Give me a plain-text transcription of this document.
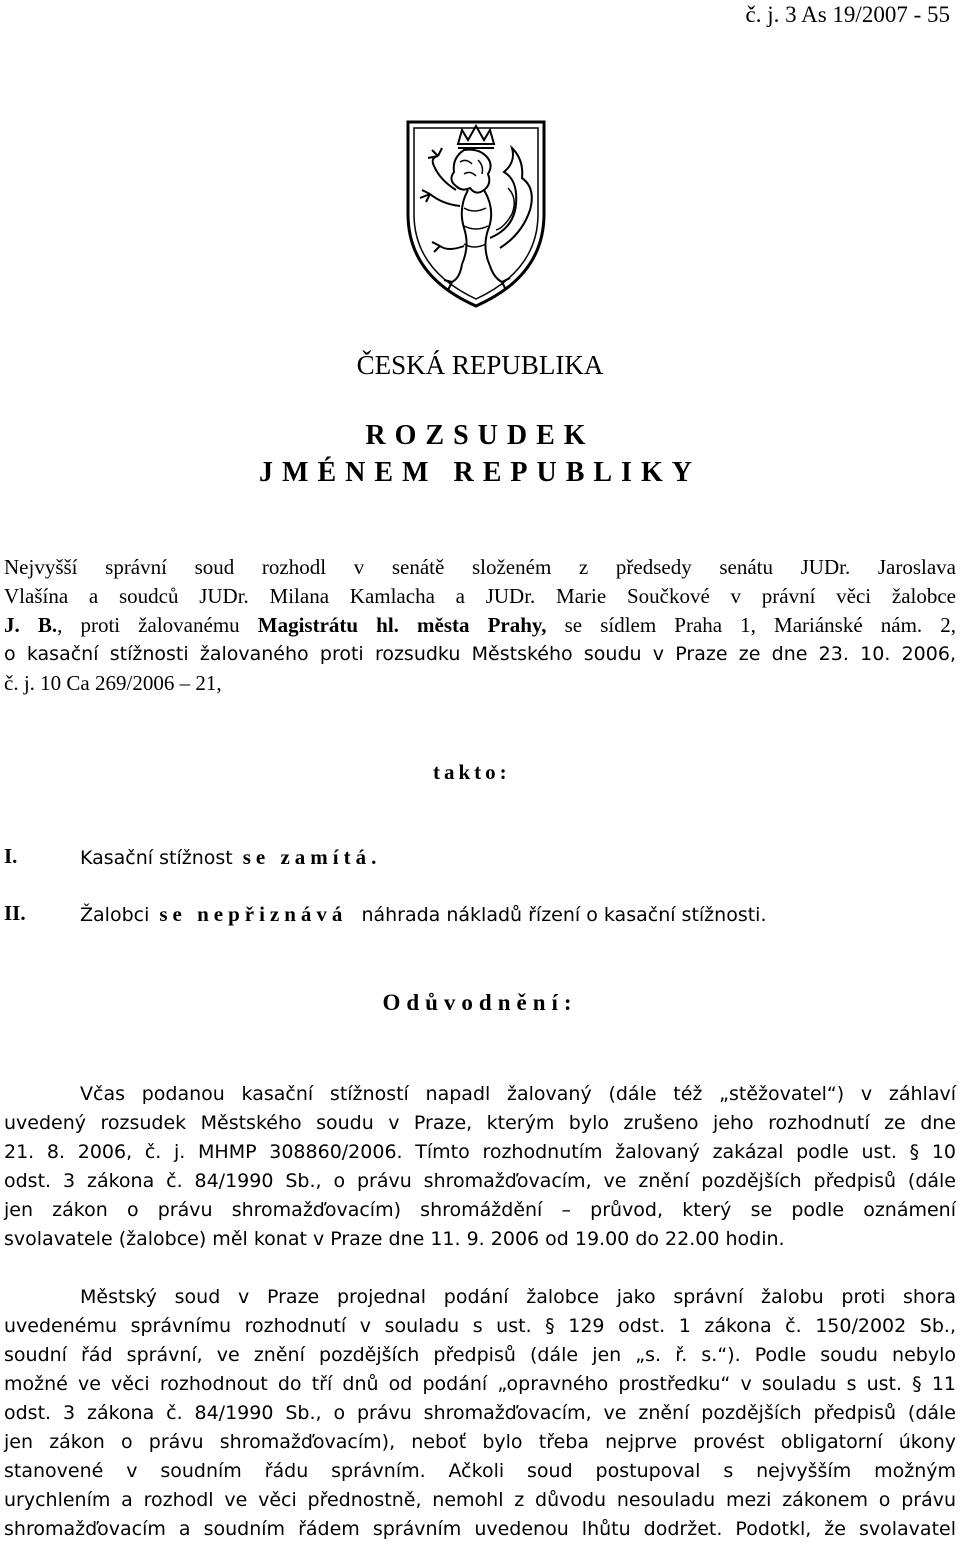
č. j. 3 As 19/2007 - 55
ČESKÁ REPUBLIKA
ROZSUDEK
JMÉNEM REPUBLIKY
Nejvyšší správní soud rozhodl v senátě složeném z předsedy senátu JUDr. Jaroslava
Vlašína a soudců JUDr. Milana Kamlacha a JUDr. Marie Součkové v právní věci žalobce
J. B., proti žalovanému Magistrátu hl. města Prahy, se sídlem Praha 1, Mariánské nám. 2,
o kasační stížnosti žalovaného proti rozsudku Městského soudu v Praze ze dne 23. 10. 2006,
č. j. 10 Ca 269/2006 – 21,
takto:
I.	Kasační stížnost se zamítá.
II.	Žalobci se nepřiznává náhrada nákladů řízení o kasační stížnosti.
Odůvodnění:
Včas podanou kasační stížností napadl žalovaný (dále též „stěžovatel“) v záhlaví
uvedený rozsudek Městského soudu v Praze, kterým bylo zrušeno jeho rozhodnutí ze dne
21. 8. 2006, č. j. MHMP 308860/2006. Tímto rozhodnutím žalovaný zakázal podle ust. § 10
odst. 3 zákona č. 84/1990 Sb., o právu shromažďovacím, ve znění pozdějších předpisů (dále
jen zákon o právu shromažďovacím) shromáždění – průvod, který se podle oznámení
svolavatele (žalobce) měl konat v Praze dne 11. 9. 2006 od 19.00 do 22.00 hodin.
Městský soud v Praze projednal podání žalobce jako správní žalobu proti shora
uvedenému správnímu rozhodnutí v souladu s ust. § 129 odst. 1 zákona č. 150/2002 Sb.,
soudní řád správní, ve znění pozdějších předpisů (dále jen „s. ř. s.“). Podle soudu nebylo
možné ve věci rozhodnout do tří dnů od podání „opravného prostředku“ v souladu s ust. § 11
odst. 3 zákona č. 84/1990 Sb., o právu shromažďovacím, ve znění pozdějších předpisů (dále
jen zákon o právu shromažďovacím), neboť bylo třeba nejprve provést obligatorní úkony
stanovené v soudním řádu správním. Ačkoli soud postupoval s nejvyšším možným
urychlením a rozhodl ve věci přednostně, nemohl z důvodu nesouladu mezi zákonem o právu
shromažďovacím a soudním řádem správním uvedenou lhůtu dodržet. Podotkl, že svolavatel
